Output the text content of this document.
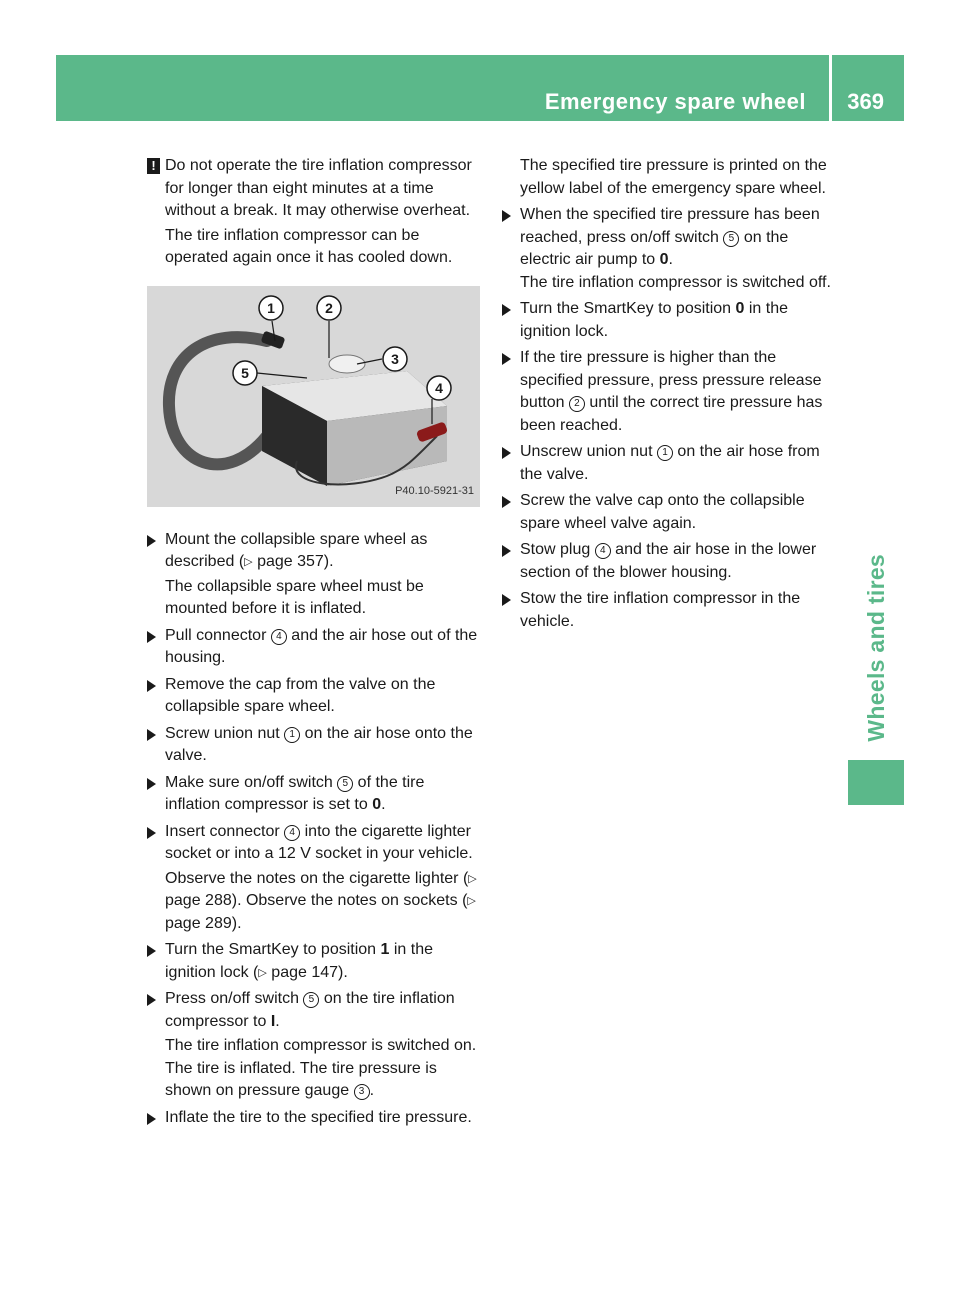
Emergency spare wheel 369
Wheels and tires
! Do not operate the tire inflation compressor for longer than eight minutes at a time without a break. It may otherwise overheat.

The tire inflation compressor can be operated again once it has cooled down.

1	2
3
4
5
P40.10-5921-31

Mount the collapsible spare wheel as described (▷ page 357).

The collapsible spare wheel must be mounted before it is inflated.

Pull connector 4 and the air hose out of the housing.

Remove the cap from the valve on the collapsible spare wheel.

Screw union nut 1 on the air hose onto the valve.

Make sure on/off switch 5 of the tire inflation compressor is set to 0.

Insert connector 4 into the cigarette lighter socket or into a 12 V socket in your vehicle.

Observe the notes on the cigarette lighter (▷ page 288). Observe the notes on sockets (▷ page 289).

Turn the SmartKey to position 1 in the ignition lock (▷ page 147).

Press on/off switch 5 on the tire inflation compressor to I.

The tire inflation compressor is switched on. The tire is inflated. The tire pressure is shown on pressure gauge 3 .

Inflate the tire to the specified tire pressure.

The specified tire pressure is printed on the yellow label of the emergency spare wheel.

When the specified tire pressure has been reached, press on/off switch 5 on the electric air pump to 0.

The tire inflation compressor is switched off.

Turn the SmartKey to position 0 in the ignition lock.

If the tire pressure is higher than the specified pressure, press pressure release button 2 until the correct tire pressure has been reached.

Unscrew union nut 1 on the air hose from the valve.

Screw the valve cap onto the collapsible spare wheel valve again.

Stow plug 4 and the air hose in the lower section of the blower housing.

Stow the tire inflation compressor in the vehicle.
